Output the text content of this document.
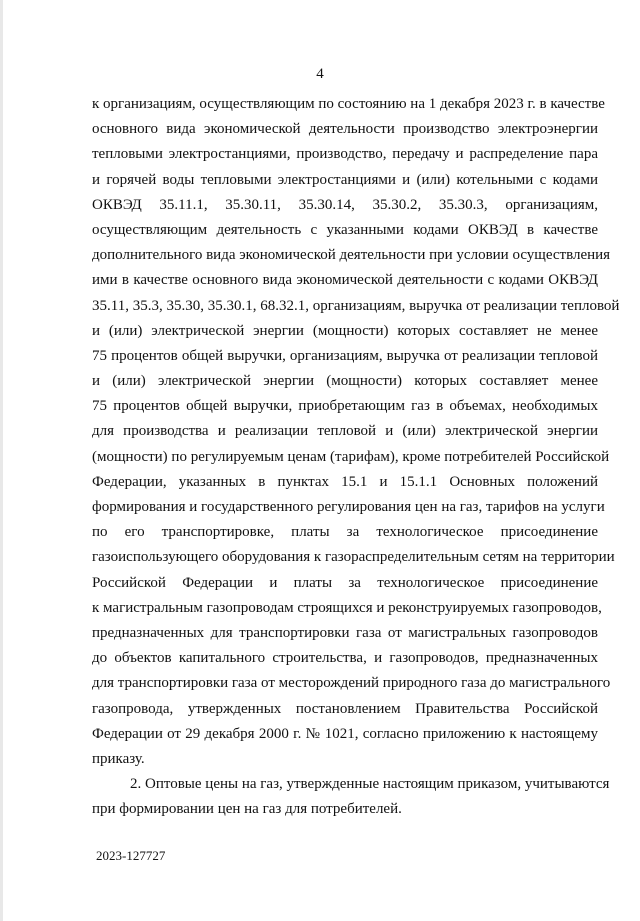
4
к организациям, осуществляющим по состоянию на 1 декабря 2023 г. в качестве
основного вида экономической деятельности производство электроэнергии
тепловыми электростанциями, производство, передачу и распределение пара
и горячей воды тепловыми электростанциями и (или) котельными с кодами
ОКВЭД 35.11.1, 35.30.11, 35.30.14, 35.30.2, 35.30.3, организациям,
осуществляющим деятельность с указанными кодами ОКВЭД в качестве
дополнительного вида экономической деятельности при условии осуществления
ими в качестве основного вида экономической деятельности с кодами ОКВЭД
35.11, 35.3, 35.30, 35.30.1, 68.32.1, организациям, выручка от реализации тепловой
и (или) электрической энергии (мощности) которых составляет не менее
75 процентов общей выручки, организациям, выручка от реализации тепловой
и (или) электрической энергии (мощности) которых составляет менее
75 процентов общей выручки, приобретающим газ в объемах, необходимых
для производства и реализации тепловой и (или) электрической энергии
(мощности) по регулируемым ценам (тарифам), кроме потребителей Российской
Федерации, указанных в пунктах 15.1 и 15.1.1 Основных положений
формирования и государственного регулирования цен на газ, тарифов на услуги
по его транспортировке, платы за технологическое присоединение
газоиспользующего оборудования к газораспределительным сетям на территории
Российской Федерации и платы за технологическое присоединение
к магистральным газопроводам строящихся и реконструируемых газопроводов,
предназначенных для транспортировки газа от магистральных газопроводов
до объектов капитального строительства, и газопроводов, предназначенных
для транспортировки газа от месторождений природного газа до магистрального
газопровода, утвержденных постановлением Правительства Российской
Федерации от 29 декабря 2000 г. № 1021, согласно приложению к настоящему
приказу.
2. Оптовые цены на газ, утвержденные настоящим приказом, учитываются
при формировании цен на газ для потребителей.
2023-127727
